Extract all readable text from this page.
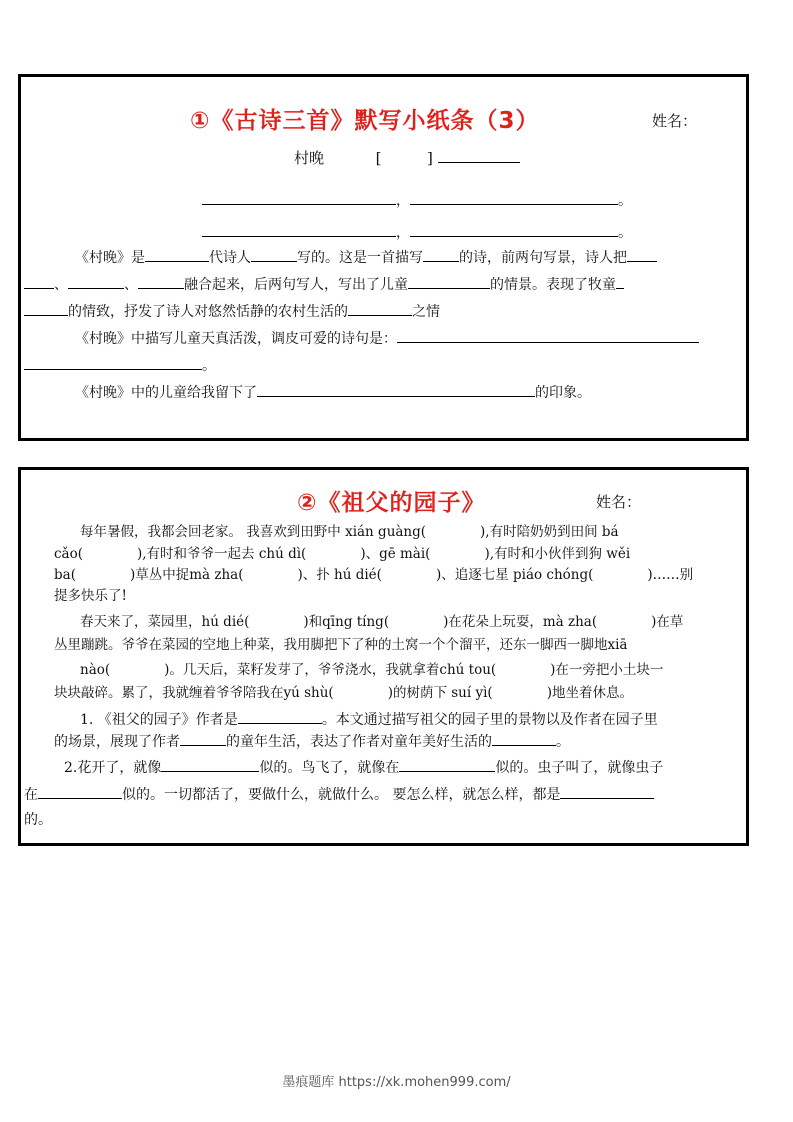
①《古诗三首》默写小纸条（3）	姓名：
村晚	[	]
，	。
，	。
《村晚》是	代诗人	写的。这是一首描写	的诗，前两句写景，诗人把
、	、	融合起来，后两句写人，写出了儿童	的情景。表现了牧童
的情致，抒发了诗人对悠然恬静的农村生活的	之情
《村晚》中描写儿童天真活泼，调皮可爱的诗句是：
。
《村晚》中的儿童给我留下了	的印象。
②《祖父的园子》	姓名：
每年暑假，我都会回老家。 我喜欢到田野中 xián guàng(　　　　),有时陪奶奶到田间 bá
cǎo(　　　　),有时和爷爷一起去 chú dì(　　　　)、gē mài(　　　　),有时和小伙伴到狗 wěi
ba(　　　　)草丛中捉mà zha(　　　　)、扑 hú dié(　　　　)、追逐七星 piáo chóng(　　　　)……别
提多快乐了!
春天来了，菜园里，hú dié(　　　　)和qīng tíng(　　　　)在花朵上玩耍，mà zha(　　　　)在草
丛里蹦跳。爷爷在菜园的空地上种菜，我用脚把下了种的土窝一个个溜平，还东一脚西一脚地xiā
nào(　　　　)。几天后，菜籽发芽了，爷爷浇水，我就拿着chú tou(　　　　)在一旁把小土块一
块块敲碎。累了，我就缠着爷爷陪我在yú shù(　　　　)的树荫下 suí yì(　　　　)地坐着休息。
1. 《祖父的园子》作者是	。本文通过描写祖父的园子里的景物以及作者在园子里
的场景，展现了作者	的童年生活，表达了作者对童年美好生活的	。
2.花开了，就像	似的。鸟飞了，就像在	似的。虫子叫了，就像虫子
在	似的。一切都活了，要做什么，就做什么。 要怎么样，就怎么样，都是
的。
墨痕题库 https://xk.mohen999.com/
